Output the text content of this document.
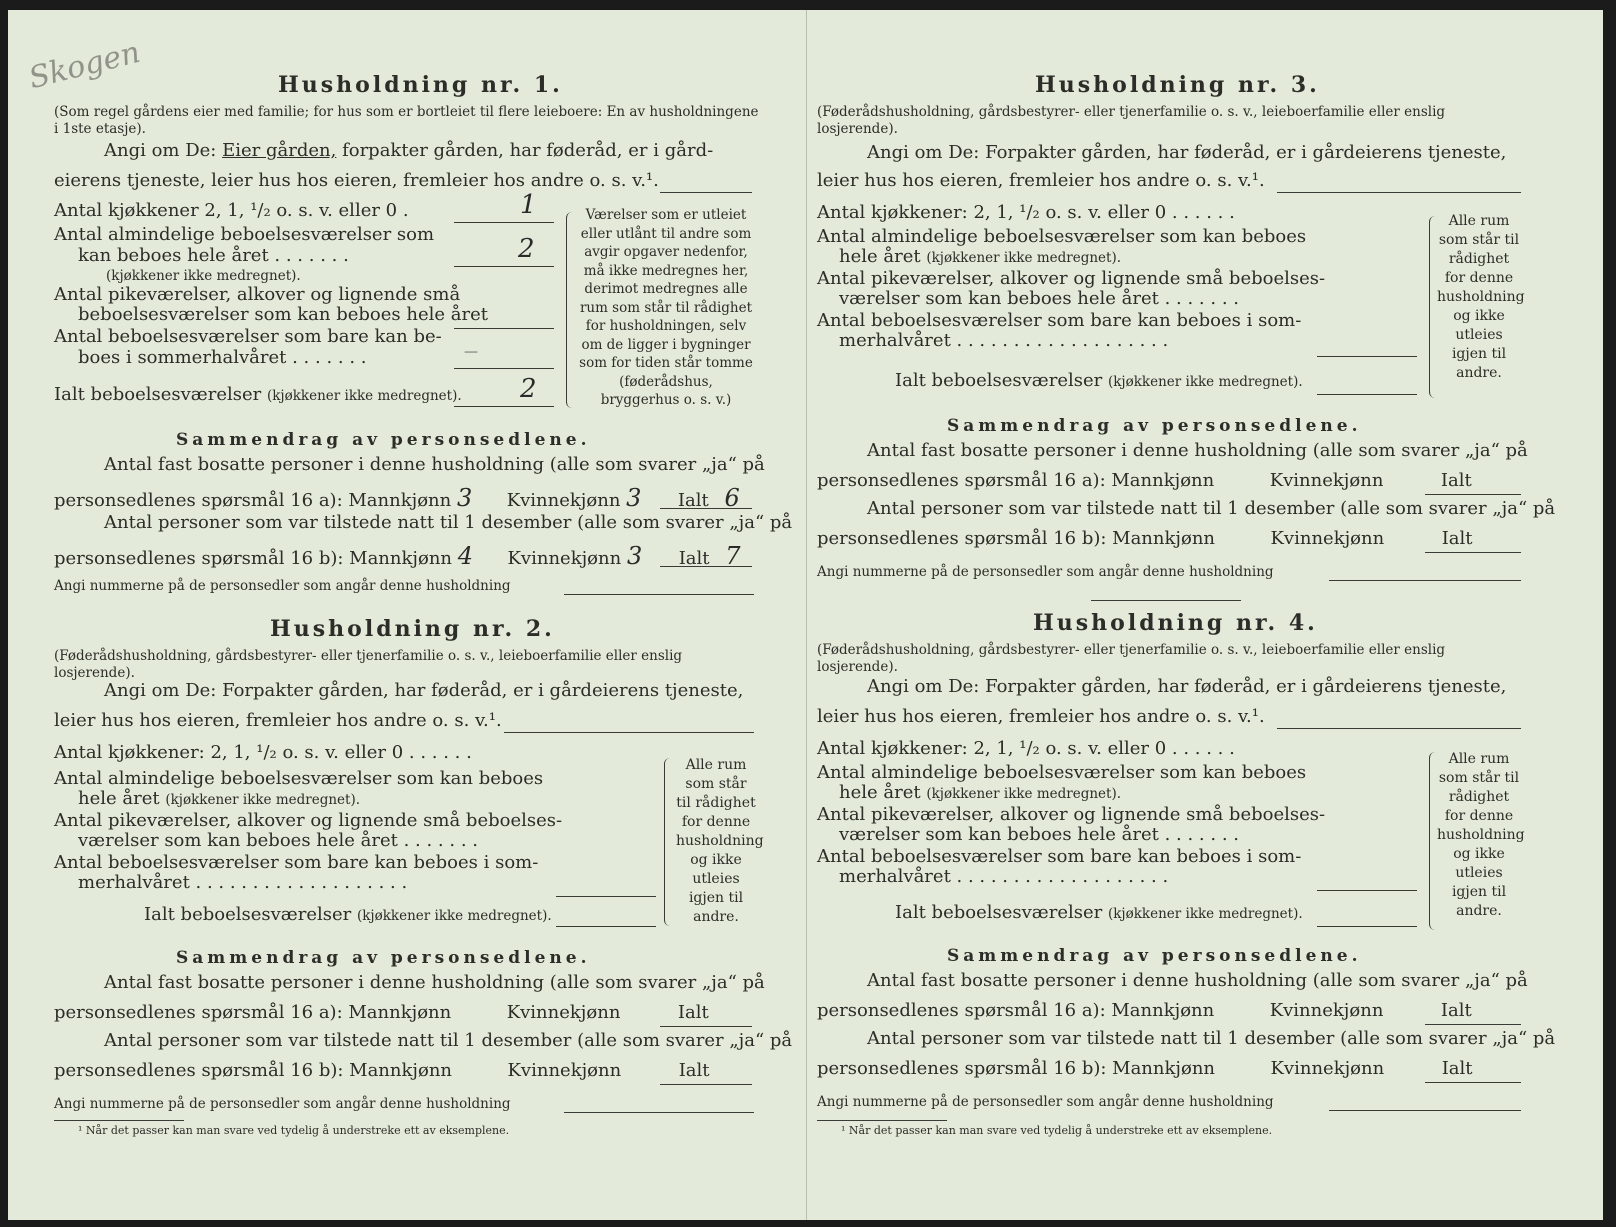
Skogen	Husholdning nr. 1.
(Som regel gårdens eier med familie; for hus som er bortleiet til flere leieboere: En av husholdningene i 1ste etasje).
Angi om De: Eier gården, forpakter gården, har føderåd, er i gård-
eierens tjeneste, leier hus hos eieren, fremleier hos andre o. s. v.¹.
Antal kjøkkener 2, 1, ¹/₂ o. s. v. eller 0 .	1
Antal almindelige beboelsesværelser som
kan beboes hele året . . . . . . .	2
(kjøkkener ikke medregnet).
Antal pikeværelser, alkover og lignende små
beboelsesværelser som kan beboes hele året
Antal beboelsesværelser som bare kan be-
boes i sommerhalvåret . . . . . . .	—
Ialt beboelsesværelser (kjøkkener ikke medregnet). 2
Værelser som er utleiet eller utlånt til andre som avgir opgaver nedenfor, må ikke medregnes her, derimot medregnes alle rum som står til rådighet for husholdningen, selv om de ligger i bygninger som for tiden står tomme (føderådshus, bryggerhus o. s. v.)
Sammendrag av personsedlene.
Antal fast bosatte personer i denne husholdning (alle som svarer „ja“ på
personsedlenes spørsmål 16 a): Mannkjønn 3 Kvinnekjønn 3 Ialt 6
Antal personer som var tilstede natt til 1 desember (alle som svarer „ja“ på
personsedlenes spørsmål 16 b): Mannkjønn 4 Kvinnekjønn 3 Ialt 7
Angi nummerne på de personsedler som angår denne husholdning
Husholdning nr. 2.
(Føderådshusholdning, gårdsbestyrer- eller tjenerfamilie o. s. v., leieboerfamilie eller enslig losjerende).
Angi om De: Forpakter gården, har føderåd, er i gårdeierens tjeneste,
leier hus hos eieren, fremleier hos andre o. s. v.¹.
Antal kjøkkener: 2, 1, ¹/₂ o. s. v. eller 0 . . . . . .
Antal almindelige beboelsesværelser som kan beboes
hele året (kjøkkener ikke medregnet).
Antal pikeværelser, alkover og lignende små beboelses-
værelser som kan beboes hele året . . . . . . .
Antal beboelsesværelser som bare kan beboes i som-
merhalvåret . . . . . . . . . . . . . . . . . . .
Ialt beboelsesværelser (kjøkkener ikke medregnet).
Alle rum som står til rådighet for denne husholdning og ikke utleies igjen til andre.
Sammendrag av personsedlene.
Antal fast bosatte personer i denne husholdning (alle som svarer „ja“ på
personsedlenes spørsmål 16 a): Mannkjønn	Kvinnekjønn	Ialt
Antal personer som var tilstede natt til 1 desember (alle som svarer „ja“ på
personsedlenes spørsmål 16 b): Mannkjønn	Kvinnekjønn	Ialt
Angi nummerne på de personsedler som angår denne husholdning
¹ Når det passer kan man svare ved tydelig å understreke ett av eksemplene.
Husholdning nr. 3.
(Føderådshusholdning, gårdsbestyrer- eller tjenerfamilie o. s. v., leieboerfamilie eller enslig losjerende).
Angi om De: Forpakter gården, har føderåd, er i gårdeierens tjeneste,
leier hus hos eieren, fremleier hos andre o. s. v.¹.
Antal kjøkkener: 2, 1, ¹/₂ o. s. v. eller 0 . . . . . .
Antal almindelige beboelsesværelser som kan beboes
hele året (kjøkkener ikke medregnet).
Antal pikeværelser, alkover og lignende små beboelses-
værelser som kan beboes hele året . . . . . . .
Antal beboelsesværelser som bare kan beboes i som-
merhalvåret . . . . . . . . . . . . . . . . . . .
Ialt beboelsesværelser (kjøkkener ikke medregnet).
Alle rum som står til rådighet for denne husholdning og ikke utleies igjen til andre.
Sammendrag av personsedlene.
Antal fast bosatte personer i denne husholdning (alle som svarer „ja“ på
personsedlenes spørsmål 16 a): Mannkjønn	Kvinnekjønn	Ialt
Antal personer som var tilstede natt til 1 desember (alle som svarer „ja“ på
personsedlenes spørsmål 16 b): Mannkjønn	Kvinnekjønn	Ialt
Angi nummerne på de personsedler som angår denne husholdning
Husholdning nr. 4.
(Føderådshusholdning, gårdsbestyrer- eller tjenerfamilie o. s. v., leieboerfamilie eller enslig losjerende).
Angi om De: Forpakter gården, har føderåd, er i gårdeierens tjeneste,
leier hus hos eieren, fremleier hos andre o. s. v.¹.
Antal kjøkkener: 2, 1, ¹/₂ o. s. v. eller 0 . . . . . .
Antal almindelige beboelsesværelser som kan beboes
hele året (kjøkkener ikke medregnet).
Antal pikeværelser, alkover og lignende små beboelses-
værelser som kan beboes hele året . . . . . . .
Antal beboelsesværelser som bare kan beboes i som-
merhalvåret . . . . . . . . . . . . . . . . . . .
Ialt beboelsesværelser (kjøkkener ikke medregnet).
Alle rum som står til rådighet for denne husholdning og ikke utleies igjen til andre.
Sammendrag av personsedlene.
Antal fast bosatte personer i denne husholdning (alle som svarer „ja“ på
personsedlenes spørsmål 16 a): Mannkjønn	Kvinnekjønn	Ialt
Antal personer som var tilstede natt til 1 desember (alle som svarer „ja“ på
personsedlenes spørsmål 16 b): Mannkjønn	Kvinnekjønn	Ialt
Angi nummerne på de personsedler som angår denne husholdning
¹ Når det passer kan man svare ved tydelig å understreke ett av eksemplene.
